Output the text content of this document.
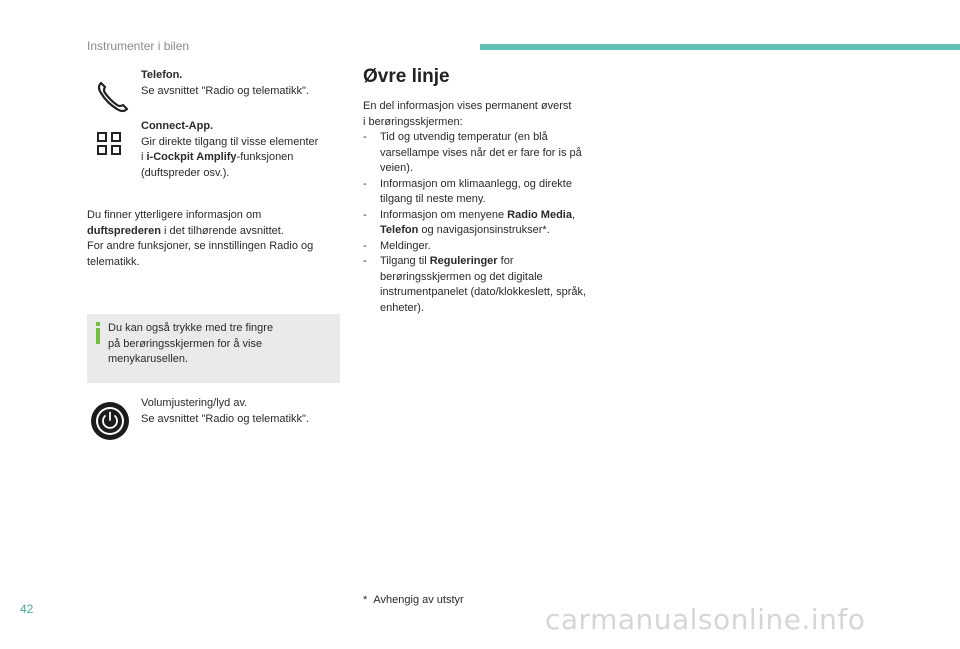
Instrumenter i bilen
Telefon.
Se avsnittet "Radio og telematikk".
Connect-App.
Gir direkte tilgang til visse elementer
i i-Cockpit Amplify-funksjonen
(duftspreder osv.).
Du finner ytterligere informasjon om
duftsprederen i det tilhørende avsnittet.
For andre funksjoner, se innstillingen Radio og
telematikk.
Du kan også trykke med tre fingre
på berøringsskjermen for å vise
menykarusellen.
Volumjustering/lyd av.
Se avsnittet "Radio og telematikk".
Øvre linje
En del informasjon vises permanent øverst
i berøringsskjermen:
- Tid og utvendig temperatur (en blå
varsellampe vises når det er fare for is på
veien).
- Informasjon om klimaanlegg, og direkte
tilgang til neste meny.
- Informasjon om menyene Radio Media,
Telefon og navigasjonsinstrukser*.
- Meldinger.
- Tilgang til Reguleringer for
berøringsskjermen og det digitale
instrumentpanelet (dato/klokkeslett, språk,
enheter).
* Avhengig av utstyr
42	carmanualsonline.info
